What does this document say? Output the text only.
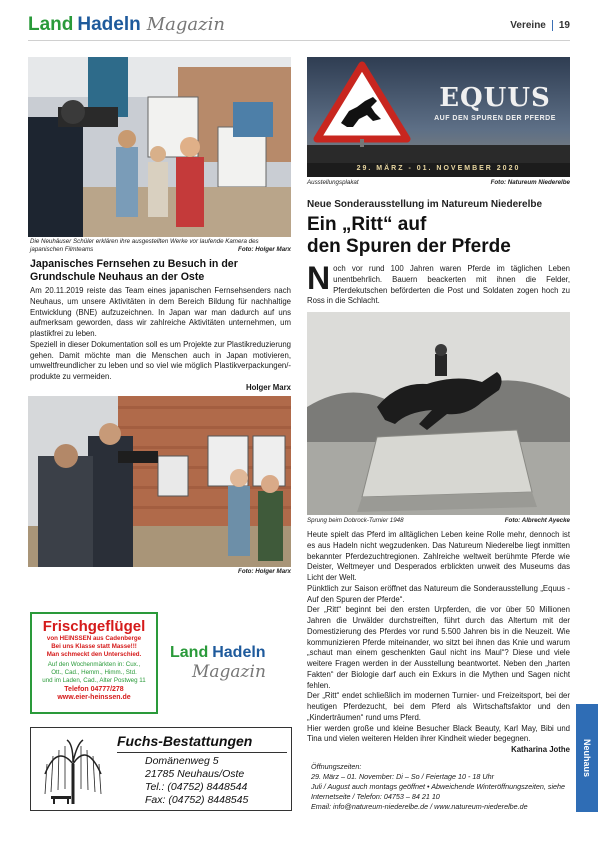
Land Hadeln Magazin	Vereine 19
Die Neuhäuser Schüler erklären ihre ausgestellten Werke vor laufende Kamera des japanischen Filmteams	Foto: Holger Marx
Japanisches Fernsehen zu Besuch in der Grundschule Neuhaus an der Oste
Am 20.11.2019 reiste das Team eines japanischen Fernsehsenders nach Neuhaus, um unsere Aktivitäten in dem Bereich Bildung für nachhaltige Entwicklung (BNE) aufzuzeichnen. In Japan war man dadurch auf uns aufmerksam geworden, dass wir zahlreiche Aktivitäten unternehmen, um plastikfrei zu leben.
Speziell in dieser Dokumentation soll es um Projekte zur Plastikreduzierung gehen. Damit möchte man die Menschen auch in Japan motivieren, umweltfreundlicher zu leben und so viel wie möglich Plastikverpackungen/-produkte zu vermeiden.
Holger Marx
Foto: Holger Marx
EQUUS
AUF DEN SPUREN DER PFERDE
29. MÄRZ - 01. NOVEMBER 2020
Ausstellungsplakat	Foto: Natureum Niederelbe
Neue Sonderausstellung im Natureum Niederelbe
Ein „Ritt“ auf
den Spuren der Pferde
Noch vor rund 100 Jahren waren Pferde im täglichen Leben unentbehrlich. Bauern beackerten mit ihnen die Felder, Pferdekutschen beförderten die Post und Soldaten zogen hoch zu Ross in die Schlacht.
Sprung beim Dobrock-Turnier 1948	Foto: Albrecht Ayecke
Heute spielt das Pferd im alltäglichen Leben keine Rolle mehr, dennoch ist es aus Hadeln nicht wegzudenken. Das Natureum Niederelbe liegt inmitten bekannter Pferdezuchtregionen. Zahlreiche weltweit berühmte Pferde wie Deister, Weltmeyer und Desperados erblickten unweit des Museums das Licht der Welt.
Pünktlich zur Saison eröffnet das Natureum die Sonderausstellung „Equus - Auf den Spuren der Pferde“.
Der „Ritt“ beginnt bei den ersten Urpferden, die vor über 50 Millionen Jahren die Urwälder durchstreiften, führt durch das Altertum mit der Domestizierung des Pferdes vor rund 5.500 Jahren bis in die Neuzeit. Wie kommunizieren Pferde miteinander, wo sitzt bei ihnen das Knie und warum „schaut man einem geschenkten Gaul nicht ins Maul“? Diese und viele weitere Fragen werden in der Ausstellung beantwortet. Neben den „harten Fakten“ der Biologie darf auch ein Exkurs in die Mythen und Sagen nicht fehlen.
Der „Ritt“ endet schließlich im modernen Turnier- und Freizeitsport, bei der heutigen Pferdezucht, bei dem Pferd als Wirtschaftsfaktor und den „Kinderträumen“ rund ums Pferd.
Hier werden große und kleine Besucher Black Beauty, Karl May, Bibi und Tina und vielen weiteren Helden ihrer Kindheit wieder begegnen.
Katharina Jothe
Öffnungszeiten:
29. März – 01. November: Di – So / Feiertage 10 - 18 Uhr
Juli / August auch montags geöffnet • Abweichende Winteröffnungszeiten, siehe Internetseite / Telefon: 04753 – 84 21 10
Email: info@natureum-niederelbe.de / www.natureum-niederelbe.de
Frischgeflügel
von HEINSSEN aus Cadenberge
Bei uns Klasse statt Masse!!!
Man schmeckt den Unterschied.
Auf den Wochenmärkten in: Cux.,
Ott., Cad., Hemm., Himm., Std.
und im Laden, Cad., Alter Postweg 11
Telefon 04777/278
www.eier-heinssen.de
Land Hadeln
Magazin
Fuchs-Bestattungen
Domänenweg 5
21785 Neuhaus/Oste
Tel.: (04752) 8448544
Fax: (04752) 8448545
Neuhaus
